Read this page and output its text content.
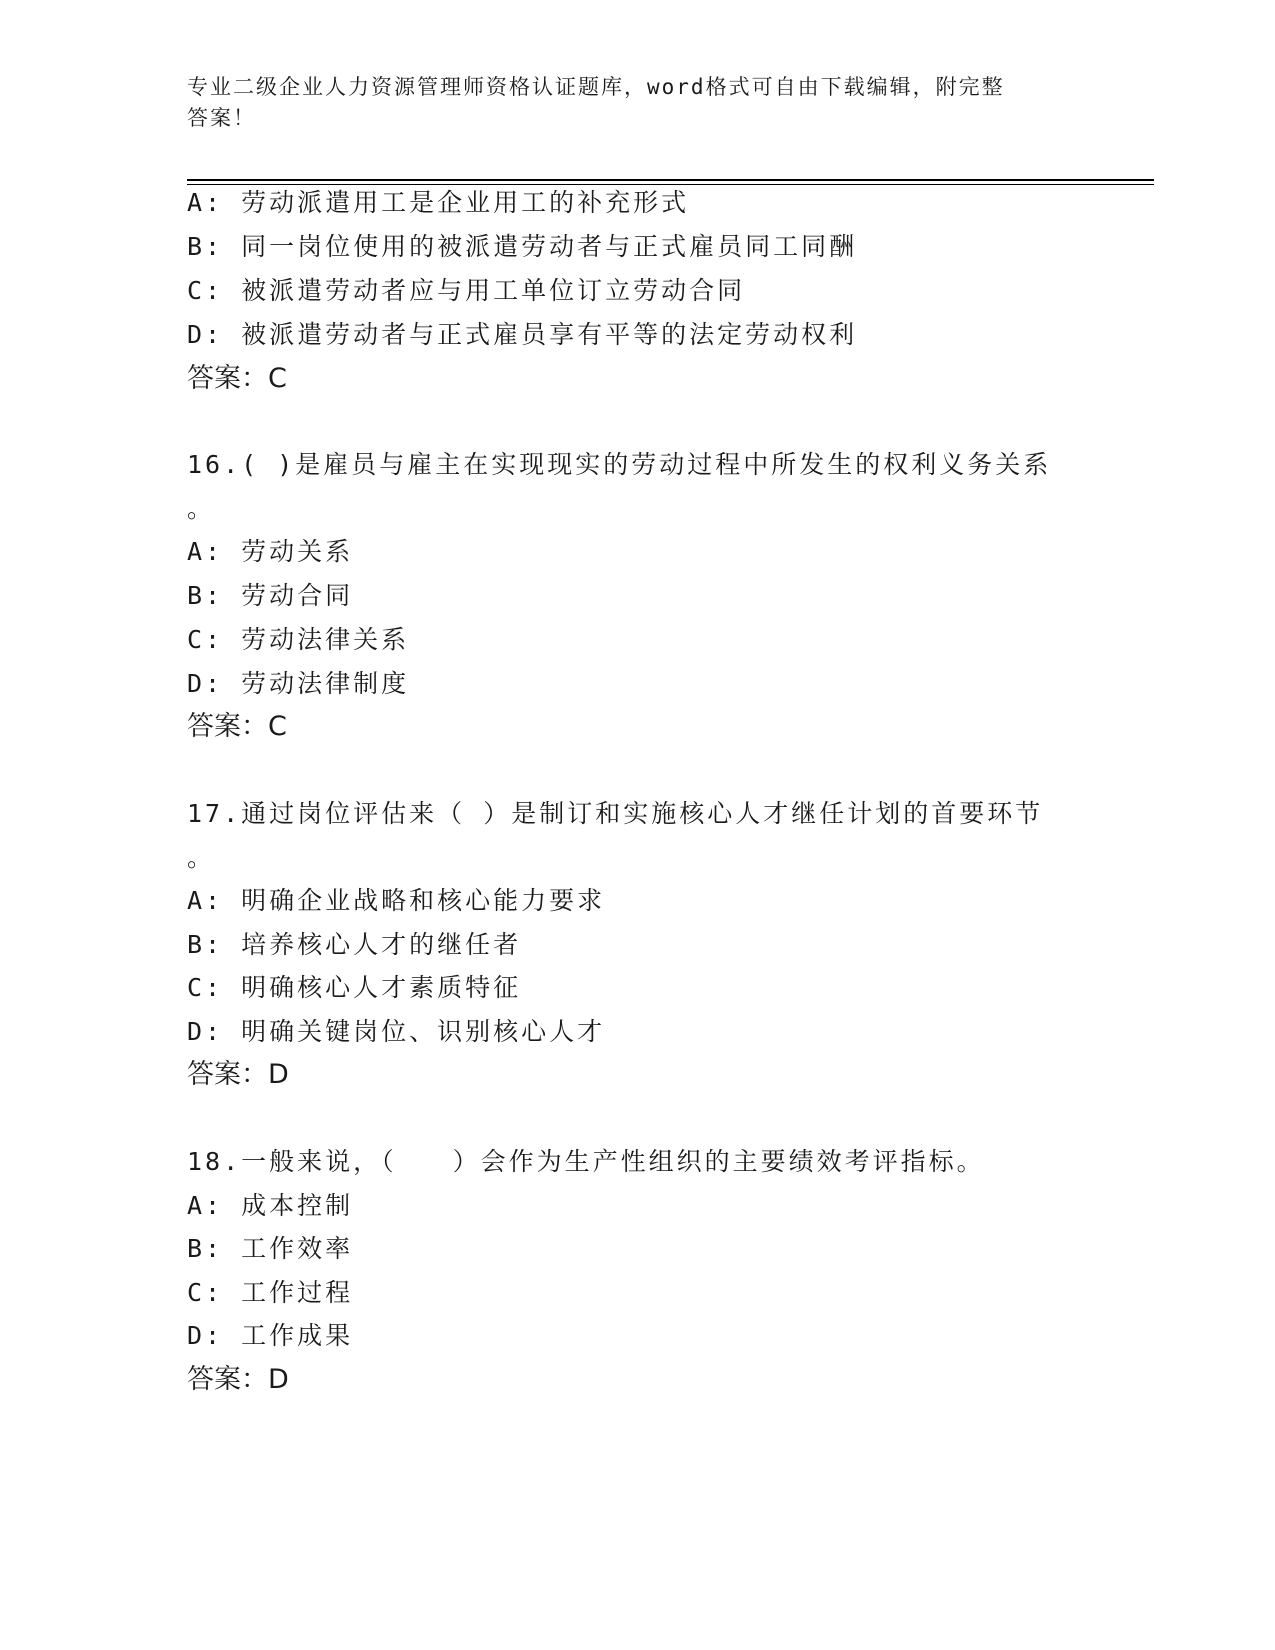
专业二级企业人力资源管理师资格认证题库，word格式可自由下载编辑，附完整
答案！
A: 劳动派遣用工是企业用工的补充形式
B: 同一岗位使用的被派遣劳动者与正式雇员同工同酬
C: 被派遣劳动者应与用工单位订立劳动合同
D: 被派遣劳动者与正式雇员享有平等的法定劳动权利
答案：C
16.( )是雇员与雇主在实现现实的劳动过程中所发生的权利义务关系
。
A: 劳动关系
B: 劳动合同
C: 劳动法律关系
D: 劳动法律制度
答案：C
17.通过岗位评估来（ ）是制订和实施核心人才继任计划的首要环节
。
A: 明确企业战略和核心能力要求
B: 培养核心人才的继任者
C: 明确核心人才素质特征
D: 明确关键岗位、识别核心人才
答案：D
18.一般来说，（　　）会作为生产性组织的主要绩效考评指标。
A: 成本控制
B: 工作效率
C: 工作过程
D: 工作成果
答案：D
